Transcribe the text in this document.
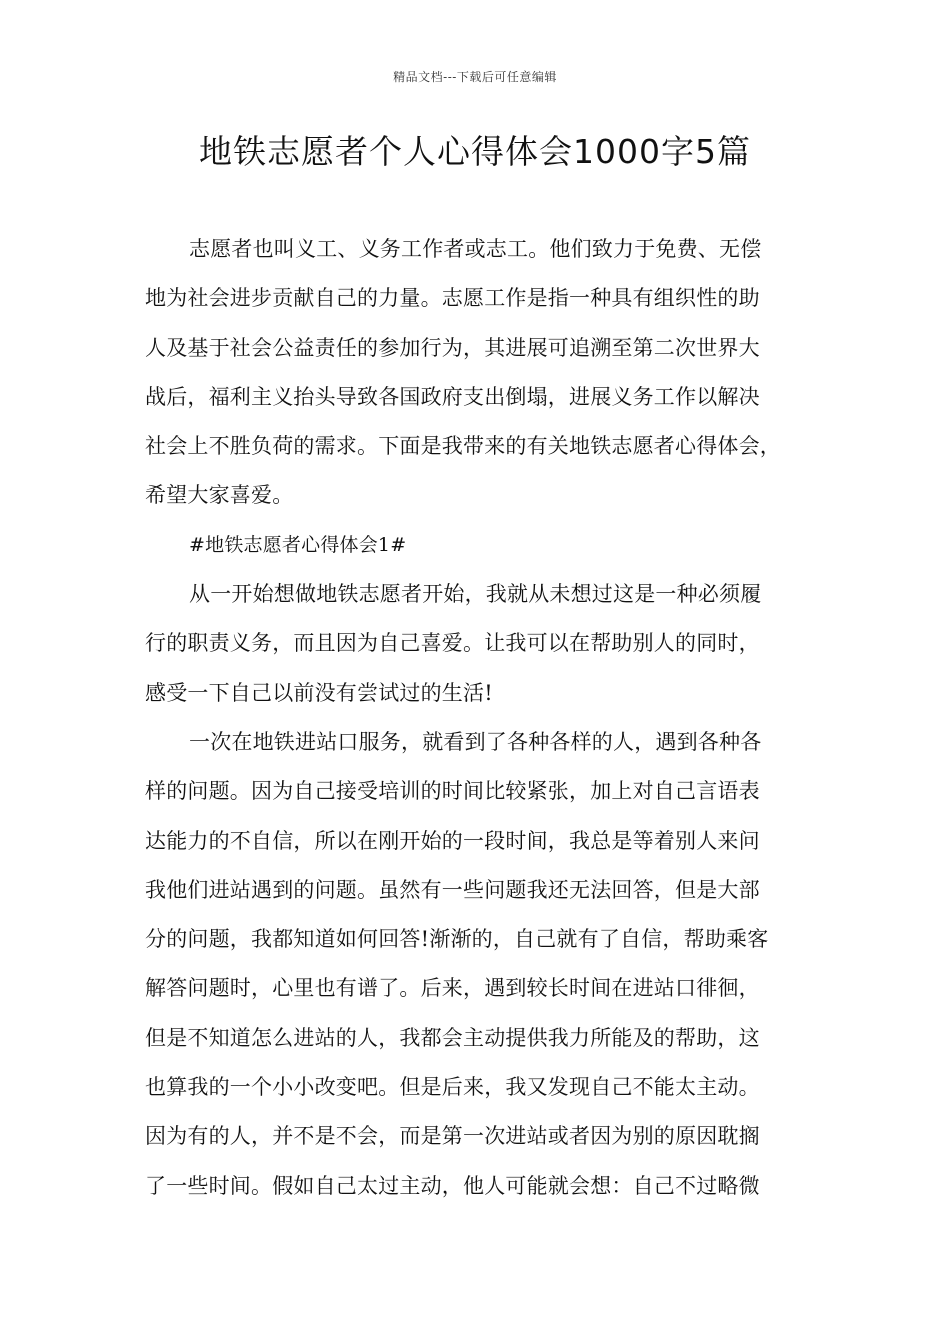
精品文档---下载后可任意编辑
地铁志愿者个人心得体会1000字5篇
志愿者也叫义工、义务工作者或志工。他们致力于免费、无偿
地为社会进步贡献自己的力量。志愿工作是指一种具有组织性的助
人及基于社会公益责任的参加行为，其进展可追溯至第二次世界大
战后，福利主义抬头导致各国政府支出倒塌，进展义务工作以解决
社会上不胜负荷的需求。下面是我带来的有关地铁志愿者心得体会，
希望大家喜爱。
#地铁志愿者心得体会1#
从一开始想做地铁志愿者开始，我就从未想过这是一种必须履
行的职责义务，而且因为自己喜爱。让我可以在帮助别人的同时，
感受一下自己以前没有尝试过的生活!
一次在地铁进站口服务，就看到了各种各样的人，遇到各种各
样的问题。因为自己接受培训的时间比较紧张，加上对自己言语表
达能力的不自信，所以在刚开始的一段时间，我总是等着别人来问
我他们进站遇到的问题。虽然有一些问题我还无法回答，但是大部
分的问题，我都知道如何回答!渐渐的，自己就有了自信，帮助乘客
解答问题时，心里也有谱了。后来，遇到较长时间在进站口徘徊，
但是不知道怎么进站的人，我都会主动提供我力所能及的帮助，这
也算我的一个小小改变吧。但是后来，我又发现自己不能太主动。
因为有的人，并不是不会，而是第一次进站或者因为别的原因耽搁
了一些时间。假如自己太过主动，他人可能就会想：自己不过略微
